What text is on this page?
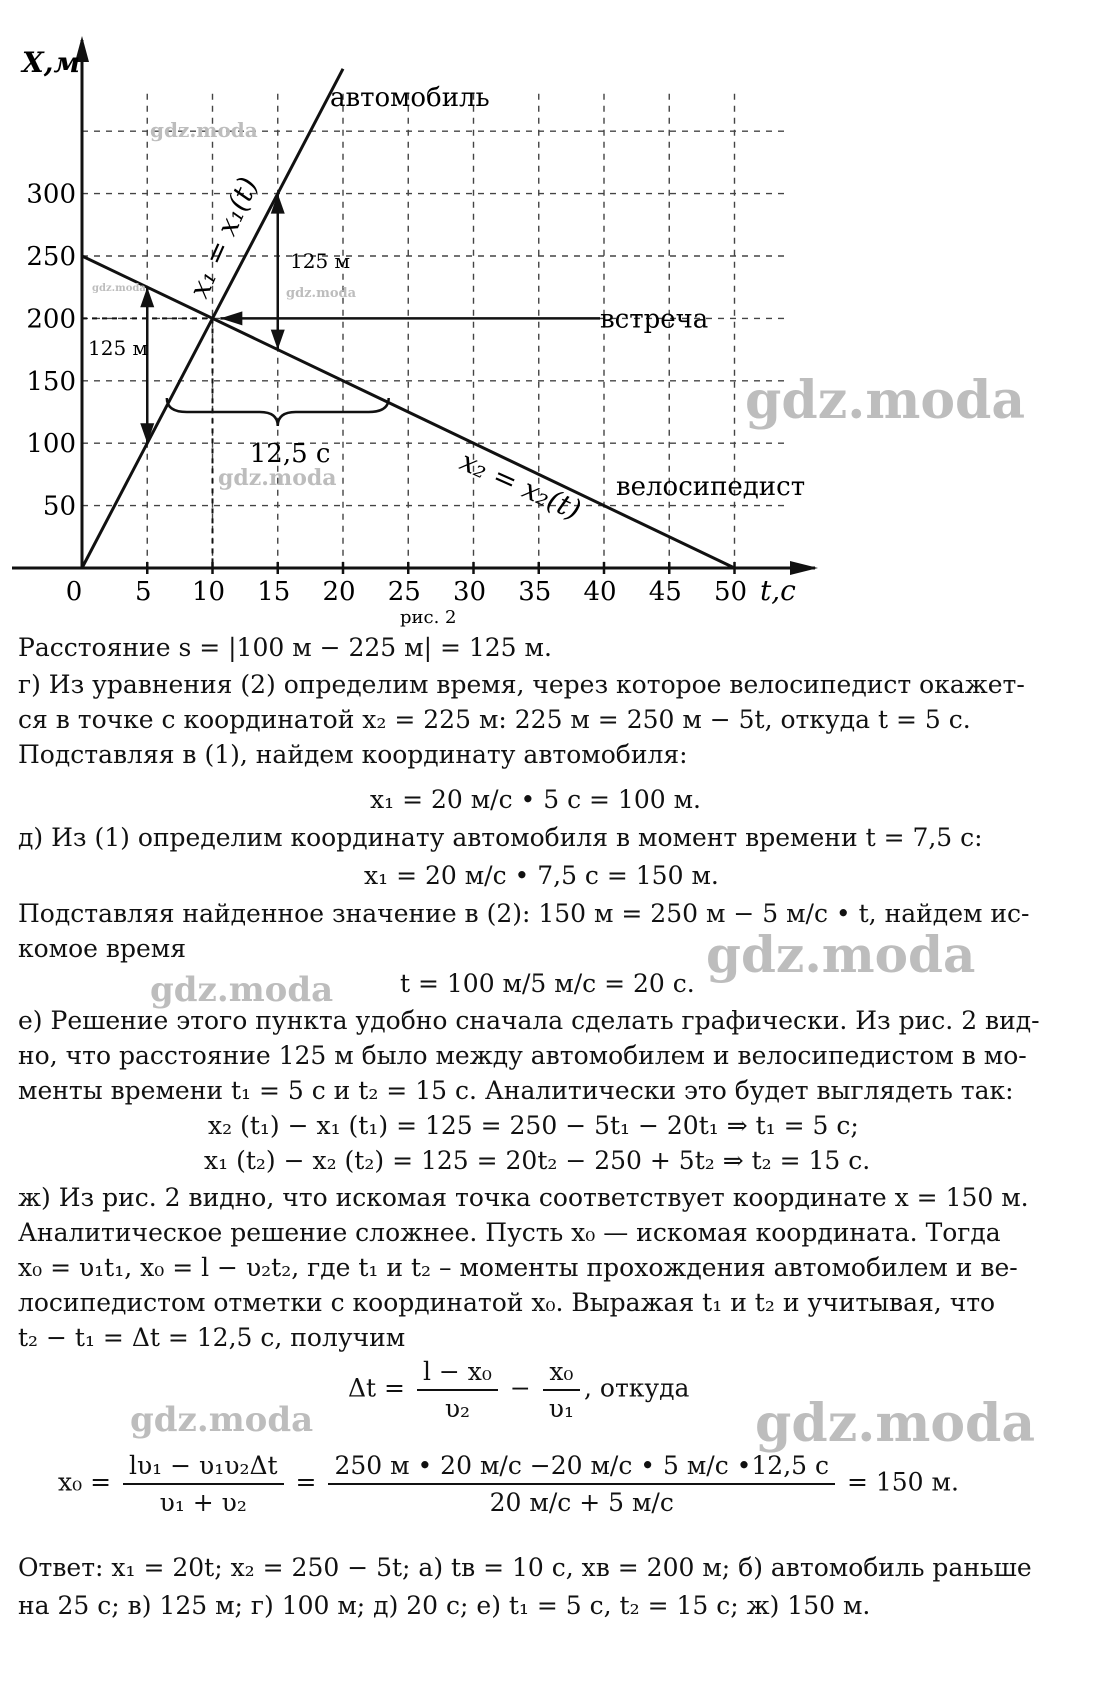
0 5 10 15 20 25 30 35 40 45 50
50
100
150
200
250
300
X,м
t,с
автомобиль
велосипедист
x₁ = x₁(t)
x₂ = x₂(t)
встреча
125 м
125 м
12,5 с
рис. 2
Расстояние s = |100 м − 225 м| = 125 м.
г) Из уравнения (2) определим время, через которое велосипедист окажет-
ся в точке с координатой x₂ = 225 м: 225 м = 250 м − 5t, откуда t = 5 с.
Подставляя в (1), найдем координату автомобиля:
x₁ = 20 м/с • 5 с = 100 м.
д) Из (1) определим координату автомобиля в момент времени t = 7,5 с:
x₁ = 20 м/с • 7,5 с = 150 м.
Подставляя найденное значение в (2): 150 м = 250 м − 5 м/с • t, найдем ис-
комое время
t = 100 м/5 м/с = 20 с.
е) Решение этого пункта удобно сначала сделать графически. Из рис. 2 вид-
но, что расстояние 125 м было между автомобилем и велосипедистом в мо-
менты времени t₁ = 5 с и t₂ = 15 с. Аналитически это будет выглядеть так:
x₂ (t₁) − x₁ (t₁) = 125 = 250 − 5t₁ − 20t₁ ⇒ t₁ = 5 с;
x₁ (t₂) − x₂ (t₂) = 125 = 20t₂ − 250 + 5t₂ ⇒ t₂ = 15 с.
ж) Из рис. 2 видно, что искомая точка соответствует координате x = 150 м.
Аналитическое решение сложнее. Пусть x₀ — искомая координата. Тогда
x₀ = υ₁t₁, x₀ = l − υ₂t₂, где t₁ и t₂ – моменты прохождения автомобилем и ве-
лосипедистом отметки с координатой x₀. Выражая t₁ и t₂ и учитывая, что
t₂ − t₁ = Δt = 12,5 с, получим
$\Delta t = \frac{\text{l − x₀}}{\text{υ₂}} - \frac{\text{x₀}}{\text{υ₁}}$ , откуда
$x_0 = \frac{\text{lυ₁ − υ₁υ₂Δt}}{\text{υ₁ + υ₂}} = \frac{250 м • 20 м/с -20 м/с • 5 м/с •12,5 с}{20 м/с + 5 м/с} = 150$ м.
Ответ: x₁ = 20t; x₂ = 250 − 5t; а) tв = 10 с, xв = 200 м; б) автомобиль раньше
на 25 с; в) 125 м; г) 100 м; д) 20 с; е) t₁ = 5 с, t₂ = 15 с; ж) 150 м.
gdz.moda
gdz.moda	gdz.moda
gdz.moda
gdz.moda
gdz.moda
gdz.moda
gdz.moda
gdz.moda
